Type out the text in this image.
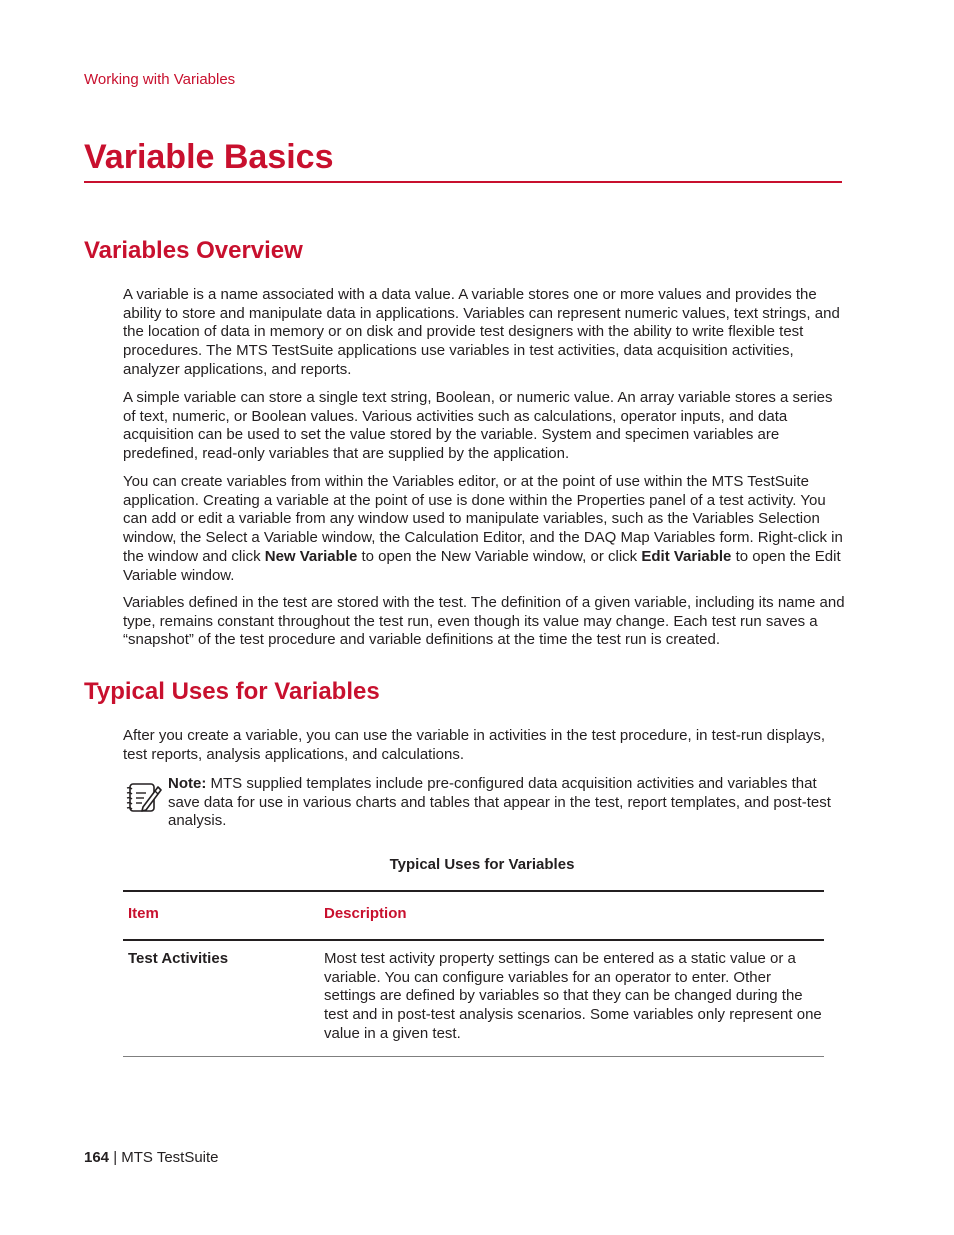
Working with Variables
Variable Basics
Variables Overview

A variable is a name associated with a data value. A variable stores one or more values and provides the ability to store and manipulate data in applications. Variables can represent numeric values, text strings, and the location of data in memory or on disk and provide test designers with the ability to write flexible test procedures. The MTS TestSuite applications use variables in test activities, data acquisition activities, analyzer applications, and reports.

A simple variable can store a single text string, Boolean, or numeric value. An array variable stores a series of text, numeric, or Boolean values. Various activities such as calculations, operator inputs, and data acquisition can be used to set the value stored by the variable. System and specimen variables are predefined, read-only variables that are supplied by the application.

You can create variables from within the Variables editor, or at the point of use within the MTS TestSuite application. Creating a variable at the point of use is done within the Properties panel of a test activity. You can add or edit a variable from any window used to manipulate variables, such as the Variables Selection window, the Select a Variable window, the Calculation Editor, and the DAQ Map Variables form. Right-click in the window and click New Variable to open the New Variable window, or click Edit Variable to open the Edit Variable window.

Variables defined in the test are stored with the test. The definition of a given variable, including its name and type, remains constant throughout the test run, even though its value may change. Each test run saves a “snapshot” of the test procedure and variable definitions at the time the test run is created.

Typical Uses for Variables

After you create a variable, you can use the variable in activities in the test procedure, in test-run displays, test reports, analysis applications, and calculations.

Note: MTS supplied templates include pre-configured data acquisition activities and variables that save data for use in various charts and tables that appear in the test, report templates, and post-test analysis.

Typical Uses for Variables
Item	Description
Test Activities	Most test activity property settings can be entered as a static value or a variable. You can configure variables for an operator to enter. Other settings are defined by variables so that they can be changed during the test and in post-test analysis scenarios. Some variables only represent one value in a given test.

164 | MTS TestSuite
